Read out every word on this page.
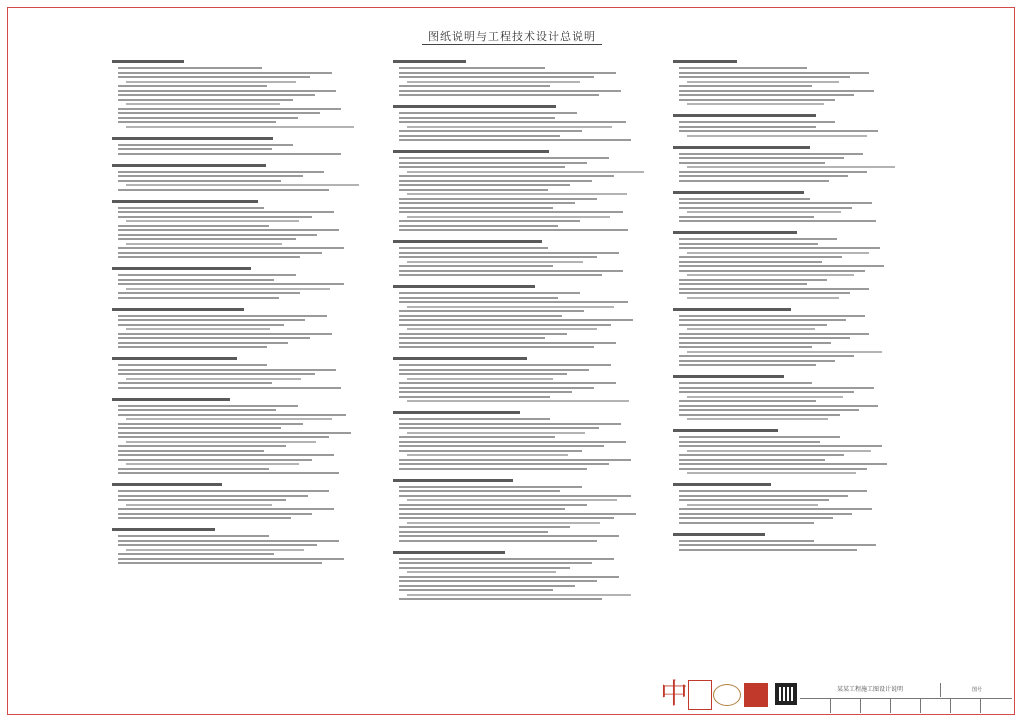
图纸说明与工程技术设计总说明
中	某某工程施工图设计说明	图号
